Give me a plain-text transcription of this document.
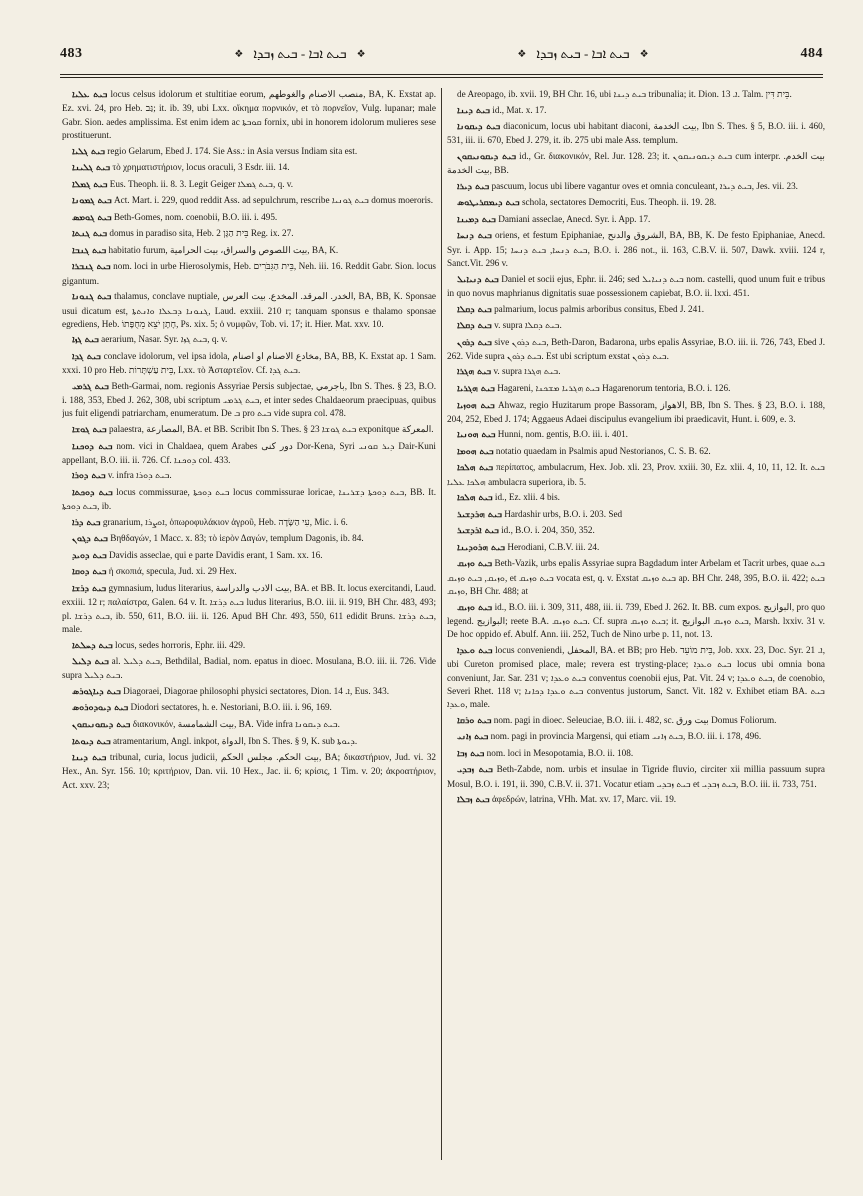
483	❖ ܒܝܬ ܐܒܐ - ܒܝܬ ܙܒܕܐ ❖	❖ ܒܝܬ ܐܒܐ - ܒܝܬ ܙܒܕܐ ❖	484

ܒܝܬ ܥܠܝܐ locus celsus idolorum et stultitiae eorum, منصب الاصنام والغوطهم, BA, K. Exstat ap. Ez. xvi. 24, pro Heb. גַּב; it. ib. 39, ubi Lxx. οἴκημα πορνικόν, et τὸ πορνεῖον, Vulg. lupanar; male Gabr. Sion. aedes amplissima. Est enim idem ac ܩܘܒܬܐ fornix, ubi in honorem idolorum mulieres sese prostituerunt.

ܒܝܬ ܓܠܝܐ regio Gelarum, Ebed J. 174. Sie Ass.: in Asia versus Indiam sita est.

ܒܝܬ ܓܠܝܢܐ τὸ χρηματιστήριον, locus oraculi, 3 Esdr. iii. 14.

ܒܝܬ ܓܡܠܐ Eus. Theoph. ii. 8. 3. Legit Geiger ܒܝܬ ܓܡܠܐ, q. v.

ܒܝܬ ܓܡܘܢܐ Act. Mart. i. 229, quod reddit Ass. ad sepulchrum, rescribe ܒܝܬ ܓܘܢܝܐ domus moeroris.

ܒܝܬ ܓܘܡܣ Beth-Gomes, nom. coenobii, B.O. iii. i. 495.

ܒܝܬ ܓܢܬܐ domus in paradiso sita, Heb. בֵּית הַגָּן 2 Reg. ix. 27.

ܒܝܬ ܓܢܒܐ habitatio furum, بيت اللصوص والسراق، بيت الحرامية, BA, K.

ܒܝܬ ܓܢܒܪܐ nom. loci in urbe Hierosolymis, Heb. בֵּית הַגִּבֹּרִים, Neh. iii. 16. Reddit Gabr. Sion. locus gigantum.

ܒܝܬ ܓܢܘܢܐ thalamus, conclave nuptiale, الخدر. المرقد. المخدع. بيت العرس, BA, BB, K. Sponsae usui dicatum est, ܓܢܘܢܐ ܕܒܥܠܐ ܘܐܢܬܬܐ, Laud. exxiii. 210 r; tanquam sponsus e thalamo sponsae egrediens, Heb. חָתָן יֹצֵא מֵחֻפָּתוֹ, Ps. xix. 5; ὁ νυμφῶν, Tob. vi. 17; it. Hier. Mat. xxv. 10.

ܒܝܬ ܓܙܐ aerarium, Nasar. Syr. ܒܝܬ ܓܙܐ, q. v.

ܒܝܬ ܓܕܐ conclave idolorum, vel ipsa idola, مخادع الاصنام او اصنام, BA, BB, K. Exstat ap. 1 Sam. xxxi. 10 pro Heb. בֵּית עַשְׁתָּרוֹת, Lxx. τὸ Ἀσταρτεῖον. Cf. ܒܝܬ ܓܕܐ.

ܒܝܬ ܓܪܡܝ Beth-Garmai, nom. regionis Assyriae Persis subjectae, باجرمي, Ibn S. Thes. § 23, B.O. i. 188, 353, Ebed J. 262, 308, ubi scriptum ܒܝܬ ܓܪܡܝ, et inter sedes Chaldaeorum praecipuas, quibus jus fuit eligendi patriarcham, enumeratum. De ܒ pro ܒܝܬ vide supra col. 478.

ܒܝܬ ܓܘܫܐ palaestra, المصارعة, BA. et BB. Scribit Ibn S. Thes. § 23 ܒܝܬ ܓܘܫܐ exponitque المعركة.

ܒܝܬ ܕܘܟܢܐ nom. vici in Chaldaea, quem Arabes دور كنى Dor-Kena, Syri ܕܝܪ ܩܘܢܝ Dair-Kuni appellant, B.O. iii. ii. 726. Cf. ܕܘܟܢܐ col. 433.

ܒܝܬ ܕܘܪܐ v. infra ܒܝܬ ܕܘܪܐ.

ܒܝܬ ܕܘܟܬܐ locus commissurae, ܒܝܬ ܕܘܟܬܐ locus commissurae loricae, ܒܝܬ ܕܘܟܬܐ ܕܫܪܝܢܐ, BB. It. ܒܝܬ ܕܘܟܬܐ, ib.

ܒܝܬ ܕܪܐ granarium, ܐܘܨܪܐ, ὁπωροφυλάκιον ἀγροῦ, Heb. עִי הַשָּׂדֶה, Mic. i. 6.

ܒܝܬ ܕܓܘܢ Βηθδαγών, 1 Macc. x. 83; τὸ ἱερὸν Δαγών, templum Dagonis, ib. 84.

ܒܝܬ ܕܘܝܕ Davidis asseclae, qui e parte Davidis erant, 1 Sam. xx. 16.

ܒܝܬ ܕܘܩܐ ἡ σκοπιά, specula, Jud. xi. 29 Hex.

ܒܝܬ ܕܪܫܐ gymnasium, ludus literarius, بيت الادب والدراسة, BA. et BB. It. locus exercitandi, Laud. exxiii. 12 r; παλαίστρα, Galen. 64 v. It. ܒܝܬ ܕܪܫܐ ludus literarius, B.O. iii. ii. 919, BH Chr. 483, 493; pl. ܒܝܬ ܕܪܫܐ, ib. 550, 611, B.O. iii. ii. 126. Apud BH Chr. 493, 550, 611 edidit Bruns. ܒܝܬ ܕܪܫܐ, male.

ܒܝܬ ܕܚܠܬܐ locus, sedes horroris, Ephr. iii. 429.

ܒܝܬ ܕܠܝܠ al. ܒܝܬ ܕܠܝܠ, Bethdilal, Badial, nom. epatus in dioec. Mosulana, B.O. iii. ii. 726. Vide supra ܒܝܬ ܕܠܝܠ.

ܒܝܬ ܕܝܐܓܘܪܣ Diagoraei, Diagorae philosophi physici sectatores, Dion. ܐ. 14, Eus. 343.

ܒܝܬ ܕܝܘܕܘܪܘܣ Diodori sectatores, h. e. Nestoriani, B.O. iii. i. 96, 169.

ܒܝܬ ܕܝܩܘܢܝܩܘܢ διακονικόν, بيت الشمامسة, BA. Vide infra ܒܝܬ ܕܝܩܘܢܐ.

ܒܝܬ ܕܝܘܬܐ atramentarium, Angl. inkpot, الدواة, Ibn S. Thes. § 9, K. sub ܕܝܘܬܐ.

ܒܝܬ ܕܝܢܐ tribunal, curia, locus judicii, بيت الحكم. مجلس الحكم, BA; δικαστήριον, Jud. vi. 32 Hex., An. Syr. 156. 10; κριτήριον, Dan. vii. 10 Hex., Jac. ii. 6; κρίσις, 1 Tim. v. 20; ἀκροατήριον, Act. xxv. 23;

de Areopago, ib. xvii. 19, BH Chr. 16, ubi ܒܝܬ ܕܝܢܐ tribunalia; it. Dion. ܐ. 13. Talm. בֵּית דִּין.

ܒܝܬ ܕܝܢܐ id., Mat. x. 17.

ܒܝܬ ܕܝܩܘܢܐ diaconicum, locus ubi habitant diaconi, بيت الخدمة, Ibn S. Thes. § 5, B.O. iii. i. 460, 531, iii. ii. 670, Ebed J. 279, it. ib. 275 ubi male Ass. templum.

ܒܝܬ ܕܝܩܘܢܝܩܘܢ id., Gr. διακονικόν, Rel. Jur. 128. 23; it. ܒܝܬ ܕܝܩܘܢܝܩܘܢ cum interpr. بيت الخدم. بيت الخدمة, BB.

ܒܝܬ ܕܝܪܐ pascuum, locus ubi libere vagantur oves et omnia conculeant, ܒܝܬ ܕܝܪܐ, Jes. vii. 23.

ܒܝܬ ܕܝܡܩܪܝܛܘܣ schola, sectatores Democriti, Eus. Theoph. ii. 19. 28.

ܒܝܬ ܕܡܝܢܐ Damiani asseclae, Anecd. Syr. i. App. 17.

ܒܝܬ ܕܢܚܐ oriens, et festum Epiphaniae, الشروق والدنح, BA, BB, K. De festo Epiphaniae, Anecd. Syr. i. App. 15; ܒܝܬ ܕܢܚܐ, ܒܝܬ ܕܢܚܐ, B.O. i. 286 not., ii. 163, C.B.V. ii. 507, Dawk. xviii. 124 r, Sanct.Vit. 296 v.

ܒܝܬ ܕܢܝܐܝܠ Daniel et socii ejus, Ephr. ii. 246; sed ܒܝܬ ܕܢܝܐܝܠ nom. castelli, quod unum fuit e tribus in quo novus maphrianus dignitatis suae possessionem capiebat, B.O. ii. lxxi. 451.

ܒܝܬ ܕܩܠܐ palmarium, locus palmis arboribus consitus, Ebed J. 241.

ܒܝܬ ܕܩܠܐ v. supra ܒܝܬ ܕܩܠܐ.

ܒܝܬ ܕܪܘܢ sive ܒܝܬ ܕܪܘܢ, Beth-Daron, Badarona, urbs epalis Assyriae, B.O. iii. ii. 726, 743, Ebed J. 262. Vide supra ܒܝܬ ܕܪܘܢ. Est ubi scriptum exstat ܒܝܬ ܕܪܘܢ.

ܒܝܬ ܗܓܪܐ v. supra ܒܝܬ ܗܓܪܐ.

ܒܝܬ ܗܓܪܝܐ Hagareni, ܒܝܬ ܗܓܪܝܐ ܡܫܟܢܐ Hagarenorum tentoria, B.O. i. 126.

ܒܝܬ ܗܘܙܝܐ Ahwaz, regio Huzitarum prope Bassoram, الاهواز, BB, Ibn S. Thes. § 23, B.O. i. 188, 204, 252, Ebed J. 174; Aggaeus Adaei discipulus evangelium ibi praedicavit, Hunt. i. 609, e. 3.

ܒܝܬ ܗܘܢܝܐ Hunni, nom. gentis, B.O. iii. i. 401.

ܒܝܬ ܗܘܡܐ notatio quaedam in Psalmis apud Nestorianos, C. S. B. 62.

ܒܝܬ ܗܠܟܐ περίπατος, ambulacrum, Hex. Job. xli. 23, Prov. xxiii. 30, Ez. xlii. 4, 10, 11, 12. It. ܒܝܬ ܗܠܟܐ ܥܠܝܐ ambulacra superiora, ib. 5.

ܒܝܬ ܗܠܟܐ id., Ez. xlii. 4 bis.

ܒܝܬ ܗܪܕܫܝܪ Hardashir urbs, B.O. i. 203. Sed

ܒܝܬ ܐܪܕܫܝܪ id., B.O. i. 204, 350, 352.

ܒܝܬ ܗܪܘܕܝܢܐ Herodiani, C.B.V. iii. 24.

ܒܝܬ ܘܙܝܩ Beth-Vazik, urbs epalis Assyriae supra Bagdadum inter Arbelam et Tacrit urbes, quae ܒܝܬ ܘܙܝܩ, ܒܝܬ ܘܙܝܩ, et ܒܝܬ ܘܙܝܩ vocata est, q. v. Exstat ܒܝܬ ܘܙܝܩ ap. BH Chr. 248, 395, B.O. ii. 422; ܒܝܬ ܘܙܝܩ, BH Chr. 488; at

ܒܝܬ ܘܙܝܩ id., B.O. iii. i. 309, 311, 488, iii. ii. 739, Ebed J. 262. It. BB. cum expos. البوازيج, pro quo legend. البوازيج; reete B.A. ܒܝܬ ܘܙܝܩ. Cf. supra ܒܝܬ ܘܙܝܩ; it. ܒܝܬ ܘܙܝܩ البوازيج, Marsh. lxxiv. 31 v. De hoc oppido ef. Abulf. Ann. iii. 252, Tuch de Nino urbe p. 11, not. 13.

ܒܝܬ ܘܥܕܐ locus conveniendi, المحفل, BA. et BB; pro Heb. בֵּית מוֹעֵד, Job. xxx. 23, Doc. Syr. ܐ. 21, ubi Cureton promised place, male; revera est trysting-place; ܒܝܬ ܘܥܕܐ locus ubi omnia bona conveniunt, Jar. Sar. 231 v; ܒܝܬ ܘܥܕܐ conventus coenobii ejus, Pat. Vit. 24 v; ܒܝܬ ܘܥܕܐ, de coenobio, Severi Rhet. 118 v; ܒܝܬ ܘܥܕܐ ܕܟܐܢܐ conventus justorum, Sanct. Vit. 182 v. Exhibet etiam BA. ܒܝܬ ܘܥܕܐ, male.

ܒܝܬ ܘܪܩܐ nom. pagi in dioec. Seleuciae, B.O. iii. i. 482, sc. بيت ورق Domus Foliorum.

ܒܝܬ ܙܐܢܝ nom. pagi in provincia Margensi, qui etiam ܒܝܬ ܙܐܢܝ, B.O. iii. i. 178, 496.

ܒܝܬ ܙܒܐ nom. loci in Mesopotamia, B.O. ii. 108.

ܒܝܬ ܙܒܕܝ Beth-Zabde, nom. urbis et insulae in Tigride fluvio, circiter xii millia passuum supra Mosul, B.O. i. 191, ii. 390, C.B.V. ii. 371. Vocatur etiam ܒܝܬ ܙܒܕܝ et ܒܝܬ ܙܒܕܝ, B.O. iii. ii. 733, 751.

ܒܝܬ ܙܒܠܐ ἀφεδρών, latrina, VHh. Mat. xv. 17, Marc. vii. 19.
